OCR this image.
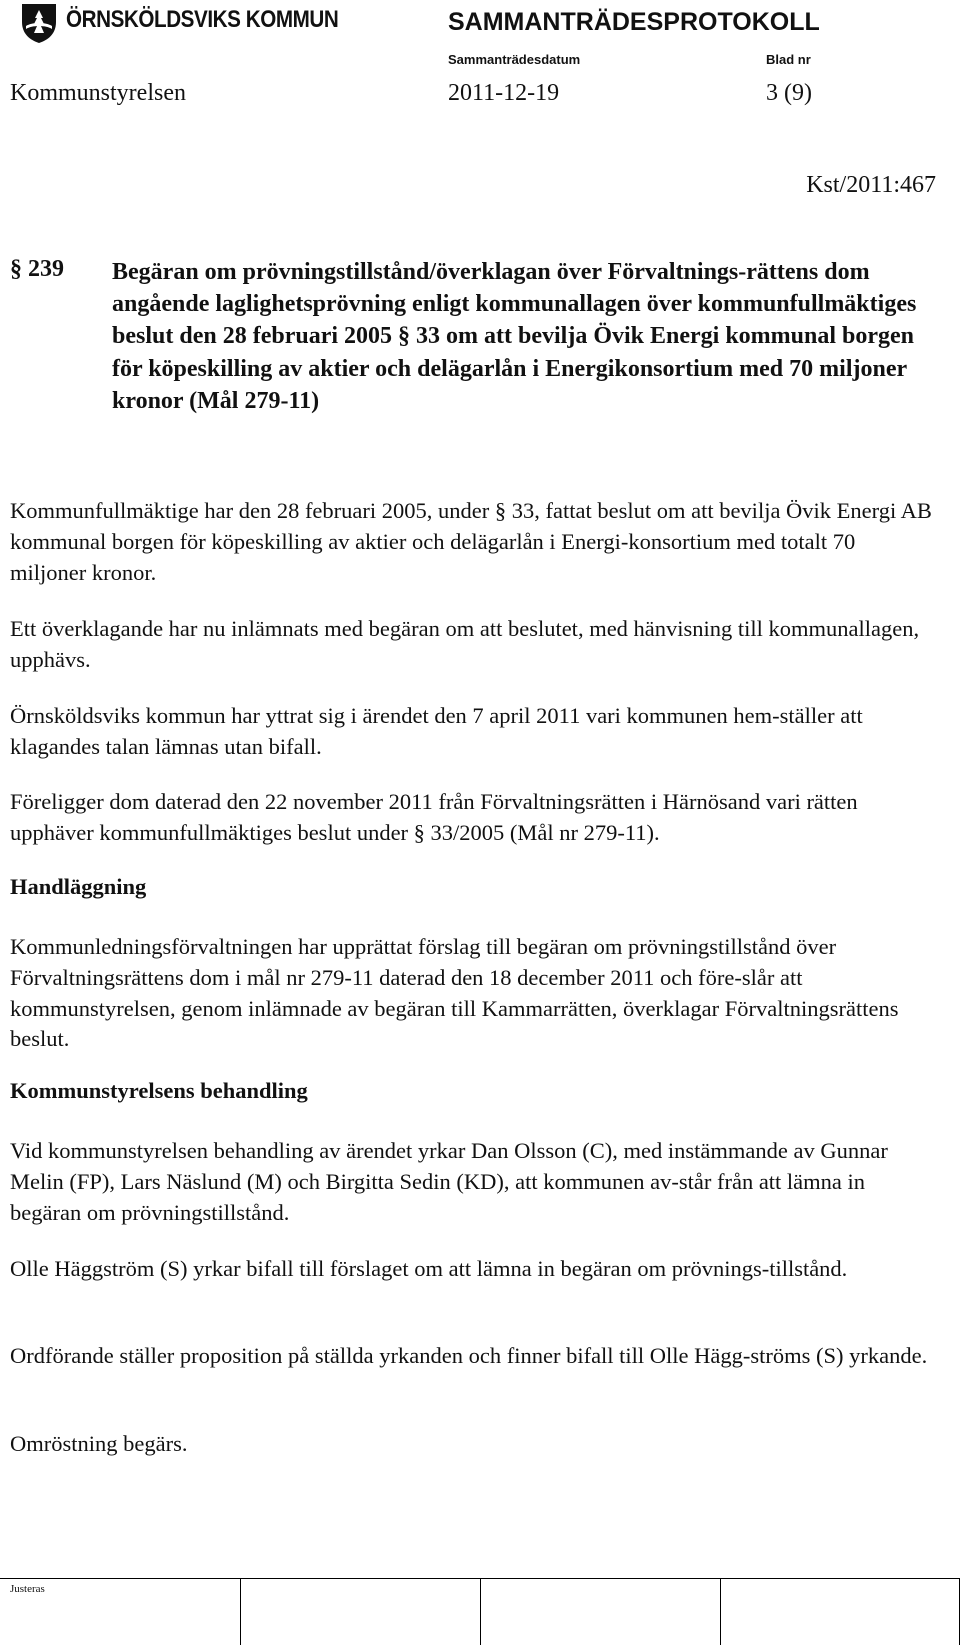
ÖRNSKÖLDSVIKS KOMMUN	SAMMANTRÄDESPROTOKOLL
Sammanträdesdatum	Blad nr
Kommunstyrelsen	2011-12-19	3 (9)
Kst/2011:467
§ 239 Begäran om prövningstillstånd/överklagan över Förvaltnings-rättens dom angående laglighetsprövning enligt kommunallagen över kommunfullmäktiges beslut den 28 februari 2005 § 33 om att bevilja Övik Energi kommunal borgen för köpeskilling av aktier och delägarlån i Energikonsortium med 70 miljoner kronor (Mål 279-11)

Kommunfullmäktige har den 28 februari 2005, under § 33, fattat beslut om att bevilja Övik Energi AB kommunal borgen för köpeskilling av aktier och delägarlån i Energi-konsortium med totalt 70 miljoner kronor.

Ett överklagande har nu inlämnats med begäran om att beslutet, med hänvisning till kommunallagen, upphävs.

Örnsköldsviks kommun har yttrat sig i ärendet den 7 april 2011 vari kommunen hem-ställer att klagandes talan lämnas utan bifall.

Föreligger dom daterad den 22 november 2011 från Förvaltningsrätten i Härnösand vari rätten upphäver kommunfullmäktiges beslut under § 33/2005 (Mål nr 279-11).

Handläggning

Kommunledningsförvaltningen har upprättat förslag till begäran om prövningstillstånd över Förvaltningsrättens dom i mål nr 279-11 daterad den 18 december 2011 och före-slår att kommunstyrelsen, genom inlämnade av begäran till Kammarrätten, överklagar Förvaltningsrättens beslut.

Kommunstyrelsens behandling

Vid kommunstyrelsen behandling av ärendet yrkar Dan Olsson (C), med instämmande av Gunnar Melin (FP), Lars Näslund (M) och Birgitta Sedin (KD), att kommunen av-står från att lämna in begäran om prövningstillstånd.

Olle Häggström (S) yrkar bifall till förslaget om att lämna in begäran om prövnings-tillstånd.

Ordförande ställer proposition på ställda yrkanden och finner bifall till Olle Hägg-ströms (S) yrkande.

Omröstning begärs.

Justeras
